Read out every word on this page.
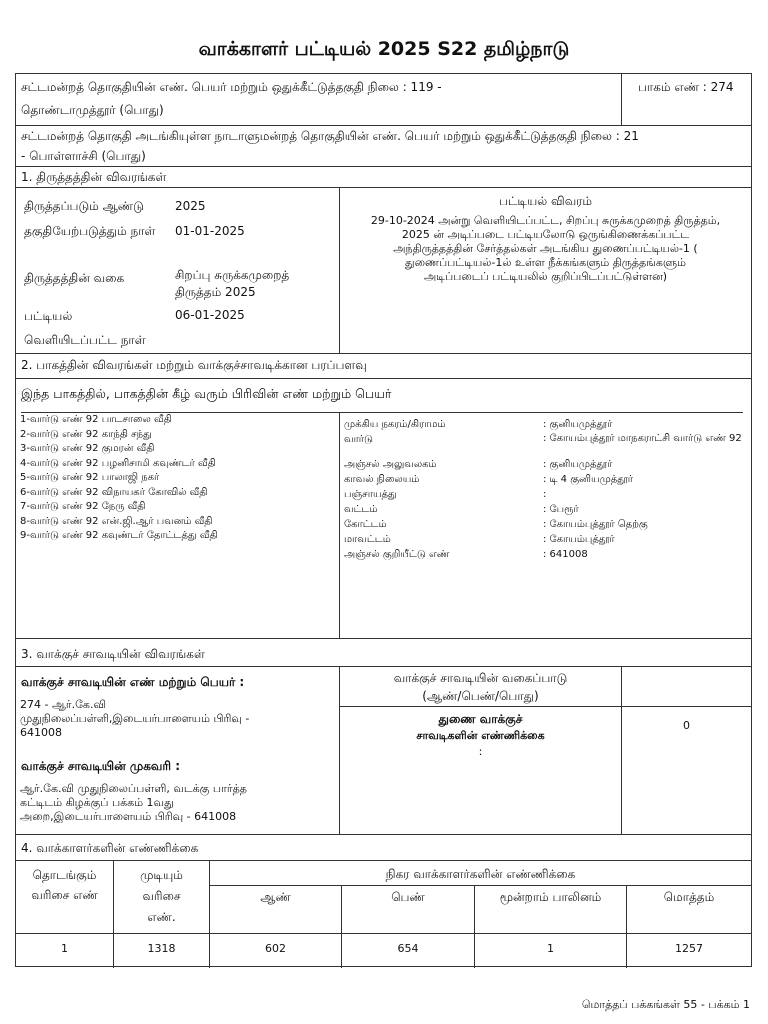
வாக்காளர் பட்டியல் 2025 S22 தமிழ்நாடு
சட்டமன்றத் தொகுதியின் எண். பெயர் மற்றும் ஒதுக்கீட்டுத்தகுதி நிலை : 119 -
தொண்டாமுத்தூர் (பொது)
பாகம் எண் : 274
சட்டமன்றத் தொகுதி அடங்கியுள்ள நாடாளுமன்றத் தொகுதியின் எண். பெயர் மற்றும் ஒதுக்கீட்டுத்தகுதி நிலை : 21
- பொள்ளாச்சி (பொது)
1. திருத்தத்தின் விவரங்கள்
திருத்தப்படும் ஆண்டு	2025
தகுதியேற்படுத்தும் நாள்	01-01-2025
திருத்தத்தின் வகை	சிறப்பு சுருக்கமுறைத் திருத்தம் 2025
பட்டியல் வெளியிடப்பட்ட நாள்
06-01-2025
பட்டியல் விவரம்
29-10-2024 அன்று வெளியிடப்பட்ட, சிறப்பு சுருக்கமுறைத் திருத்தம்,
2025 ன் அடிப்படை பட்டியலோடு ஒருங்கிணைக்கப்பட்ட
அந்திருத்தத்தின் சேர்த்தல்கள் அடங்கிய துணைப்பட்டியல்-1 (
துணைப்பட்டியல்-1ல் உள்ள நீக்கங்களும் திருத்தங்களும்
அடிப்படைப் பட்டியலில் குறிப்பிடப்பட்டுள்ளன)
2. பாகத்தின் விவரங்கள் மற்றும் வாக்குச்சாவடிக்கான பரப்பளவு
இந்த பாகத்தில், பாகத்தின் கீழ் வரும் பிரிவின் எண் மற்றும் பெயர்
1-வார்டு எண் 92 பாடசாலை வீதி
2-வார்டு எண் 92 காந்தி சந்து
3-வார்டு எண் 92 குமரன் வீதி
4-வார்டு எண் 92 பழனிசாமி கவுண்டர் வீதி
5-வார்டு எண் 92 பாலாஜி நகர்
6-வார்டு எண் 92 விநாயகர் கோவில் வீதி
7-வார்டு எண் 92 நேரு வீதி
8-வார்டு எண் 92 என்.ஜி.ஆர் பவனம் வீதி
9-வார்டு எண் 92 கவுண்டர் தோட்டத்து வீதி
முக்கிய நகரம்/கிராமம்	: குனியமுத்தூர்
வார்டு	: கோயம்புத்தூர் மாநகராட்சி வார்டு எண் 92
அஞ்சல் அலுவலகம்	: குனியமுத்தூர்
காவல் நிலையம்	: டி 4 குனியமுத்தூர்
பஞ்சாயத்து	:
வட்டம்	: பேரூர்
கோட்டம்	: கோயம்புத்தூர் தெற்கு
மாவட்டம்	: கோயம்புத்தூர்
அஞ்சல் குறியீட்டு எண்	: 641008
3. வாக்குச் சாவடியின் விவரங்கள்
வாக்குச் சாவடியின் எண் மற்றும் பெயர் :
274 - ஆர்.கே.வி
முதுநிலைப்பள்ளி,இடையர்பாளையம் பிரிவு -
641008
வாக்குச் சாவடியின் முகவரி :
ஆர்.கே.வி முதுநிலைப்பள்ளி, வடக்கு பார்த்த
கட்டிடம் கிழக்குப் பக்கம் 1வது
அறை,இடையர்பாளையம் பிரிவு - 641008
வாக்குச் சாவடியின் வகைப்பாடு
(ஆண்/பெண்/பொது)
துணை வாக்குச்
சாவடிகளின் எண்ணிக்கை
:
0
4. வாக்காளர்களின் எண்ணிக்கை
தொடங்கும்
வரிசை எண்
முடியும்
வரிசை
எண்.
நிகர வாக்காளர்களின் எண்ணிக்கை
ஆண்	பெண்	மூன்றாம் பாலினம்	மொத்தம்
1	1318	602	654	1	1257
மொத்தப் பக்கங்கள் 55 - பக்கம் 1
